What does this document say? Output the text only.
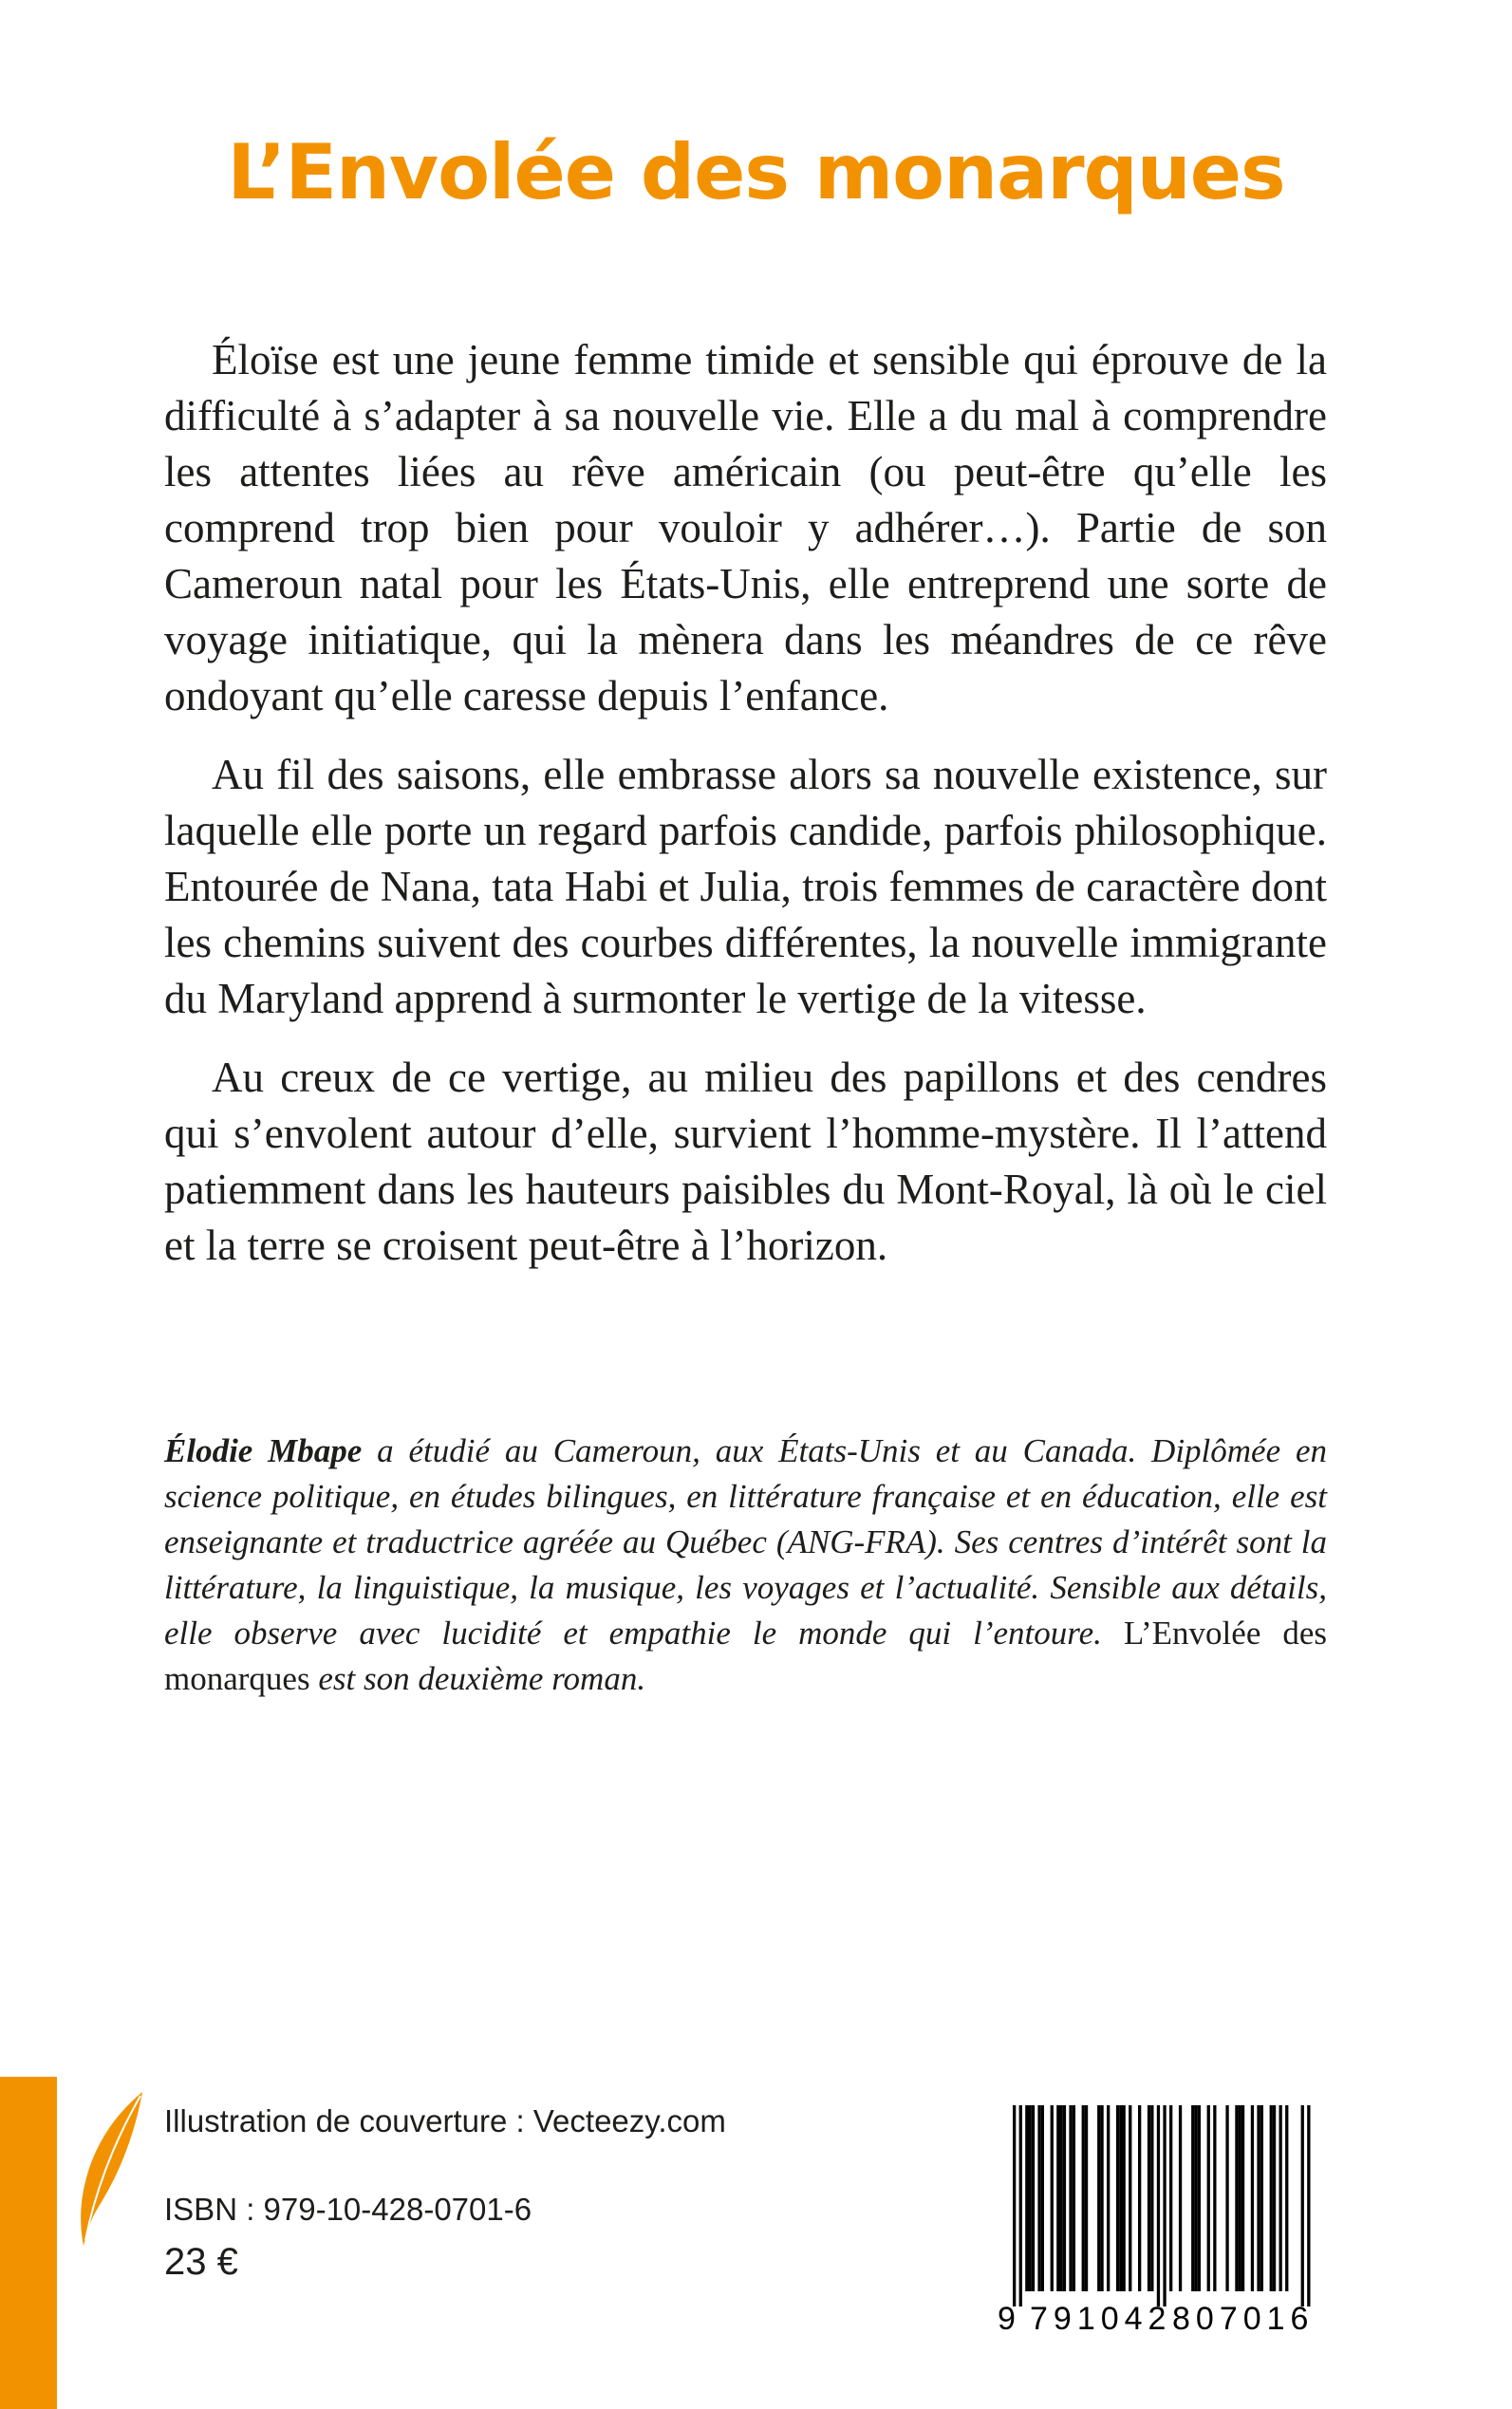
L’Envolée des monarques

Éloïse est une jeune femme timide et sensible qui éprouve de la difficulté à s’adapter à sa nouvelle vie. Elle a du mal à comprendre les attentes liées au rêve américain (ou peut-être qu’elle les comprend trop bien pour vouloir y adhérer…). Partie de son Cameroun natal pour les États-Unis, elle entreprend une sorte de voyage initiatique, qui la mènera dans les méandres de ce rêve ondoyant qu’elle caresse depuis l’enfance.

Au fil des saisons, elle embrasse alors sa nouvelle existence, sur laquelle elle porte un regard parfois candide, parfois philosophique. Entourée de Nana, tata Habi et Julia, trois femmes de caractère dont les chemins suivent des courbes différentes, la nouvelle immigrante du Maryland apprend à surmonter le vertige de la vitesse.

Au creux de ce vertige, au milieu des papillons et des cendres qui s’envolent autour d’elle, survient l’homme-mystère. Il l’attend patiemment dans les hauteurs paisibles du Mont-Royal, là où le ciel et la terre se croisent peut-être à l’horizon.

Élodie Mbape a étudié au Cameroun, aux États-Unis et au Canada. Diplômée en science politique, en études bilingues, en littérature française et en éducation, elle est enseignante et traductrice agréée au Québec (ANG-FRA). Ses centres d’intérêt sont la littérature, la linguistique, la musique, les voyages et l’actualité. Sensible aux détails, elle observe avec lucidité et empathie le monde qui l’entoure. L’Envolée des monarques est son deuxième roman.
Illustration de couverture : Vecteezy.com
ISBN : 979-10-428-0701-6
23 €
9 791042 807016
